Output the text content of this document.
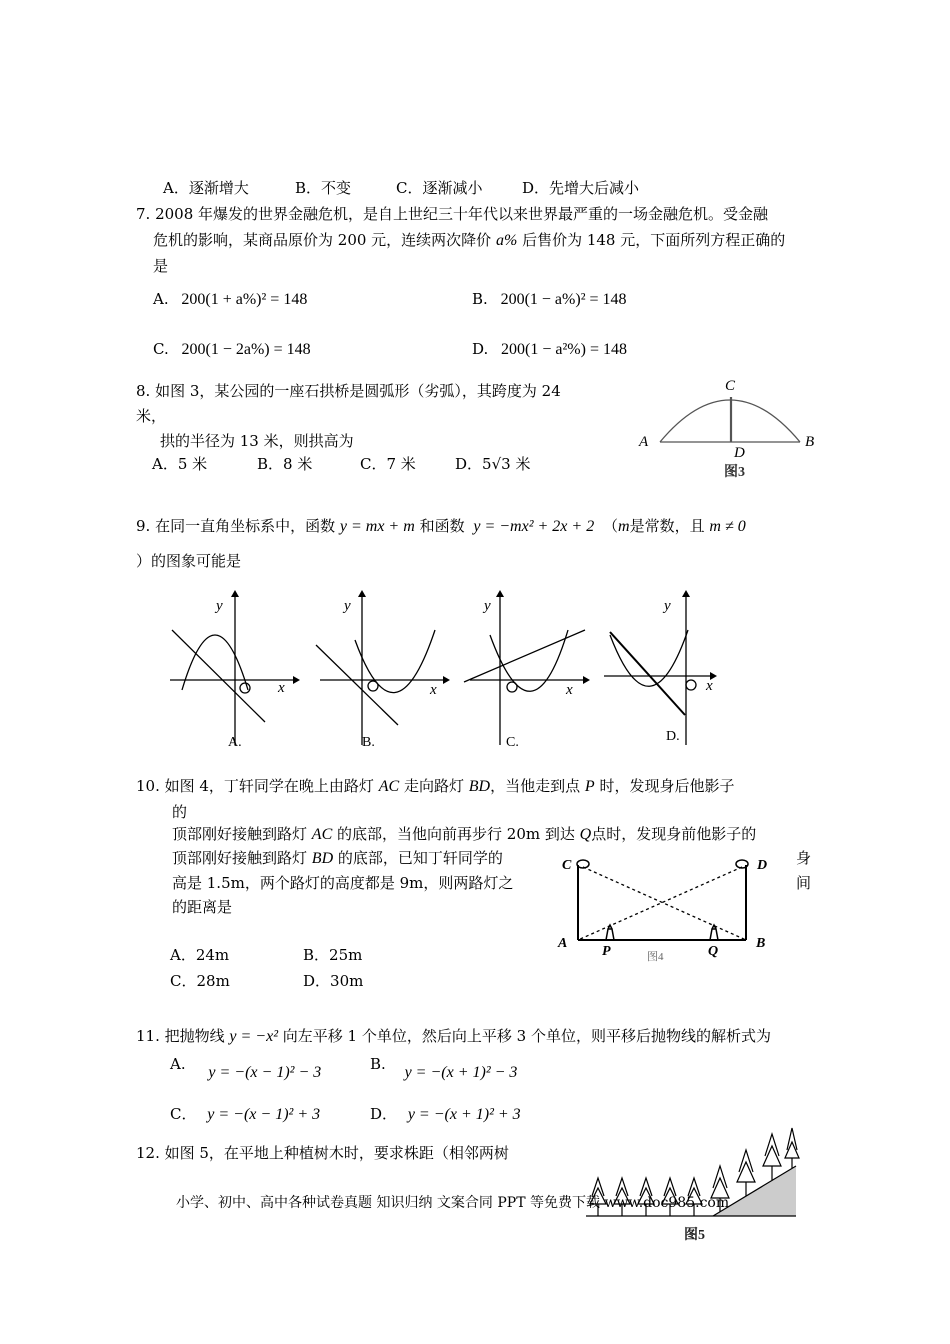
A．逐渐增大	B．不变	C．逐渐减小	D．先增大后减小
7. 2008 年爆发的世界金融危机，是自上世纪三十年代以来世界最严重的一场金融危机。受金融
危机的影响，某商品原价为 200 元，连续两次降价 a% 后售价为 148 元，下面所列方程正确的
是
A. 200(1 + a%)² = 148	B. 200(1 − a%)² = 148
C. 200(1 − 2a%) = 148	D. 200(1 − a²%) = 148
8. 如图 3，某公园的一座石拱桥是圆弧形（劣弧），其跨度为 24
米，
拱的半径为 13 米，则拱高为
A．5 米	B．8 米	C．7 米	D．5√3 米
A	B
C
D
图3
9. 在同一直角坐标系中，函数 y = mx + m 和函数 y = −mx² + 2x + 2 （m是常数，且 m ≠ 0
）的图象可能是
y
x
A.
y
x
B.
y
x
C.
y
x
D.
10. 如图 4，丁轩同学在晚上由路灯 AC 走向路灯 BD，当他走到点 P 时，发现身后他影子
的
顶部刚好接触到路灯 AC 的底部，当他向前再步行 20m 到达 Q点时，发现身前他影子的
顶部刚好接触到路灯 BD 的底部，已知丁轩同学的	身
高是 1.5m，两个路灯的高度都是 9m，则两路灯之	间
的距离是
A．24m	B．25m
C．28m	D．30m
C	D
A	B
P	Q
图4
11. 把抛物线 y = −x² 向左平移 1 个单位，然后向上平移 3 个单位，则平移后抛物线的解析式为
A. y = −(x − 1)² − 3	B. y = −(x + 1)² − 3
C． y = −(x − 1)² + 3	D． y = −(x + 1)² + 3
12. 如图 5，在平地上种植树木时，要求株距（相邻两树
图5
小学、初中、高中各种试卷真题 知识归纳 文案合同 PPT 等免费下载 www.doc985.com
